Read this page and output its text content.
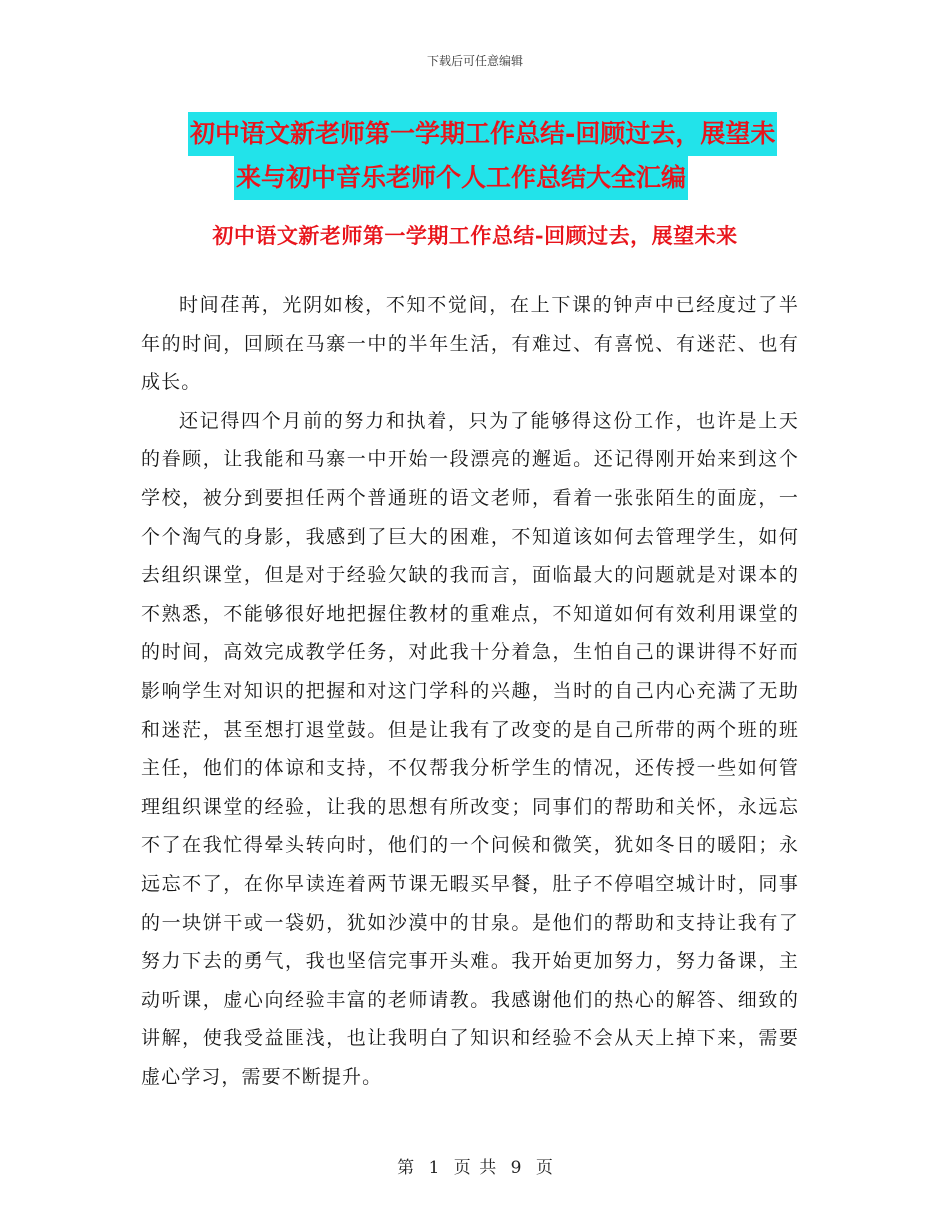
下载后可任意编辑
初中语文新老师第一学期工作总结-回顾过去，展望未
来与初中音乐老师个人工作总结大全汇编
初中语文新老师第一学期工作总结-回顾过去，展望未来

时间荏苒，光阴如梭，不知不觉间，在上下课的钟声中已经度过了半年的时间，回顾在马寨一中的半年生活，有难过、有喜悦、有迷茫、也有成长。

还记得四个月前的努力和执着，只为了能够得这份工作，也许是上天的眷顾，让我能和马寨一中开始一段漂亮的邂逅。还记得刚开始来到这个学校，被分到要担任两个普通班的语文老师，看着一张张陌生的面庞，一个个淘气的身影，我感到了巨大的困难，不知道该如何去管理学生，如何去组织课堂，但是对于经验欠缺的我而言，面临最大的问题就是对课本的不熟悉，不能够很好地把握住教材的重难点，不知道如何有效利用课堂的的时间，高效完成教学任务，对此我十分着急，生怕自己的课讲得不好而影响学生对知识的把握和对这门学科的兴趣，当时的自己内心充满了无助和迷茫，甚至想打退堂鼓。但是让我有了改变的是自己所带的两个班的班主任，他们的体谅和支持，不仅帮我分析学生的情况，还传授一些如何管理组织课堂的经验，让我的思想有所改变；同事们的帮助和关怀，永远忘不了在我忙得晕头转向时，他们的一个问候和微笑，犹如冬日的暖阳；永远忘不了，在你早读连着两节课无暇买早餐，肚子不停唱空城计时，同事的一块饼干或一袋奶，犹如沙漠中的甘泉。是他们的帮助和支持让我有了努力下去的勇气，我也坚信完事开头难。我开始更加努力，努力备课，主动听课，虚心向经验丰富的老师请教。我感谢他们的热心的解答、细致的讲解，使我受益匪浅，也让我明白了知识和经验不会从天上掉下来，需要虚心学习，需要不断提升。

第 1 页 共 9 页
